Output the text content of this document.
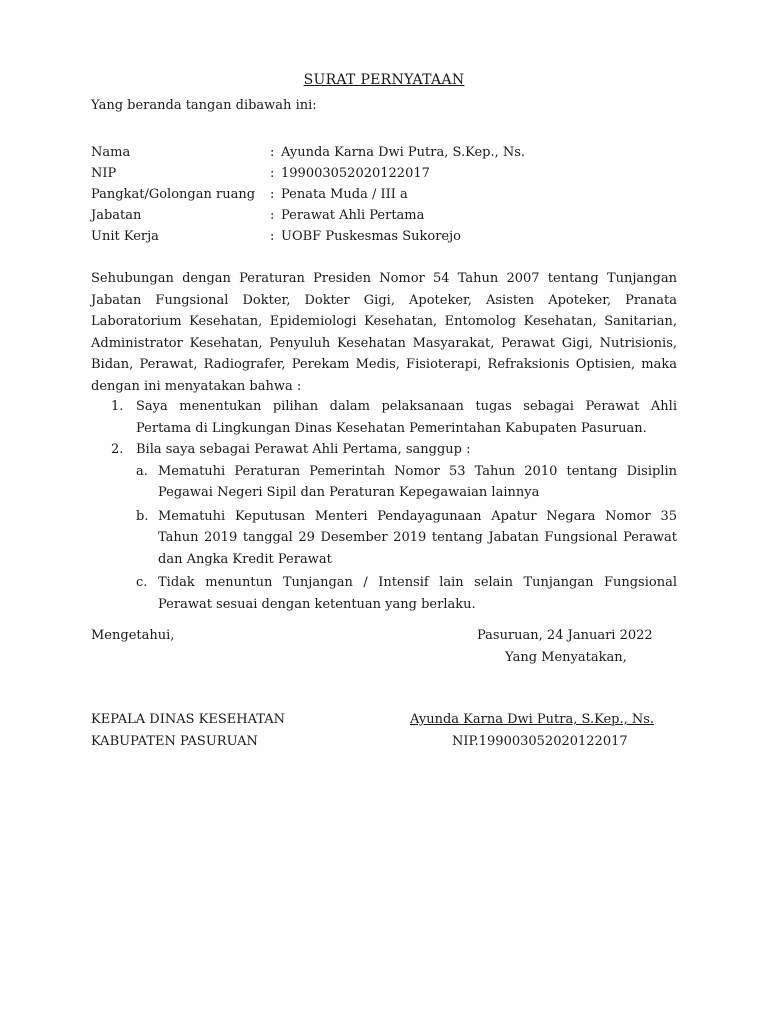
SURAT PERNYATAAN
Yang beranda tangan dibawah ini:
Nama	: Ayunda Karna Dwi Putra, S.Kep., Ns.
NIP	: 199003052020122017
Pangkat/Golongan ruang : Penata Muda / III a
Jabatan	: Perawat Ahli Pertama
Unit Kerja	: UOBF Puskesmas Sukorejo
Sehubungan dengan Peraturan Presiden Nomor 54 Tahun 2007 tentang Tunjangan Jabatan Fungsional Dokter, Dokter Gigi, Apoteker, Asisten Apoteker, Pranata Laboratorium Kesehatan, Epidemiologi Kesehatan, Entomolog Kesehatan, Sanitarian, Administrator Kesehatan, Penyuluh Kesehatan Masyarakat, Perawat Gigi, Nutrisionis, Bidan, Perawat, Radiografer, Perekam Medis, Fisioterapi, Refraksionis Optisien, maka dengan ini menyatakan bahwa :
1. Saya menentukan pilihan dalam pelaksanaan tugas sebagai Perawat Ahli Pertama di Lingkungan Dinas Kesehatan Pemerintahan Kabupaten Pasuruan.
2. Bila saya sebagai Perawat Ahli Pertama, sanggup :
a. Mematuhi Peraturan Pemerintah Nomor 53 Tahun 2010 tentang Disiplin Pegawai Negeri Sipil dan Peraturan Kepegawaian lainnya
b. Mematuhi Keputusan Menteri Pendayagunaan Apatur Negara Nomor 35 Tahun 2019 tanggal 29 Desember 2019 tentang Jabatan Fungsional Perawat dan Angka Kredit Perawat
c. Tidak menuntun Tunjangan / Intensif lain selain Tunjangan Fungsional Perawat sesuai dengan ketentuan yang berlaku.
Mengetahui,	Pasuruan, 24 Januari 2022
Yang Menyatakan,
KEPALA DINAS KESEHATAN
KABUPATEN PASURUAN
Ayunda Karna Dwi Putra, S.Kep., Ns.
NIP.199003052020122017
